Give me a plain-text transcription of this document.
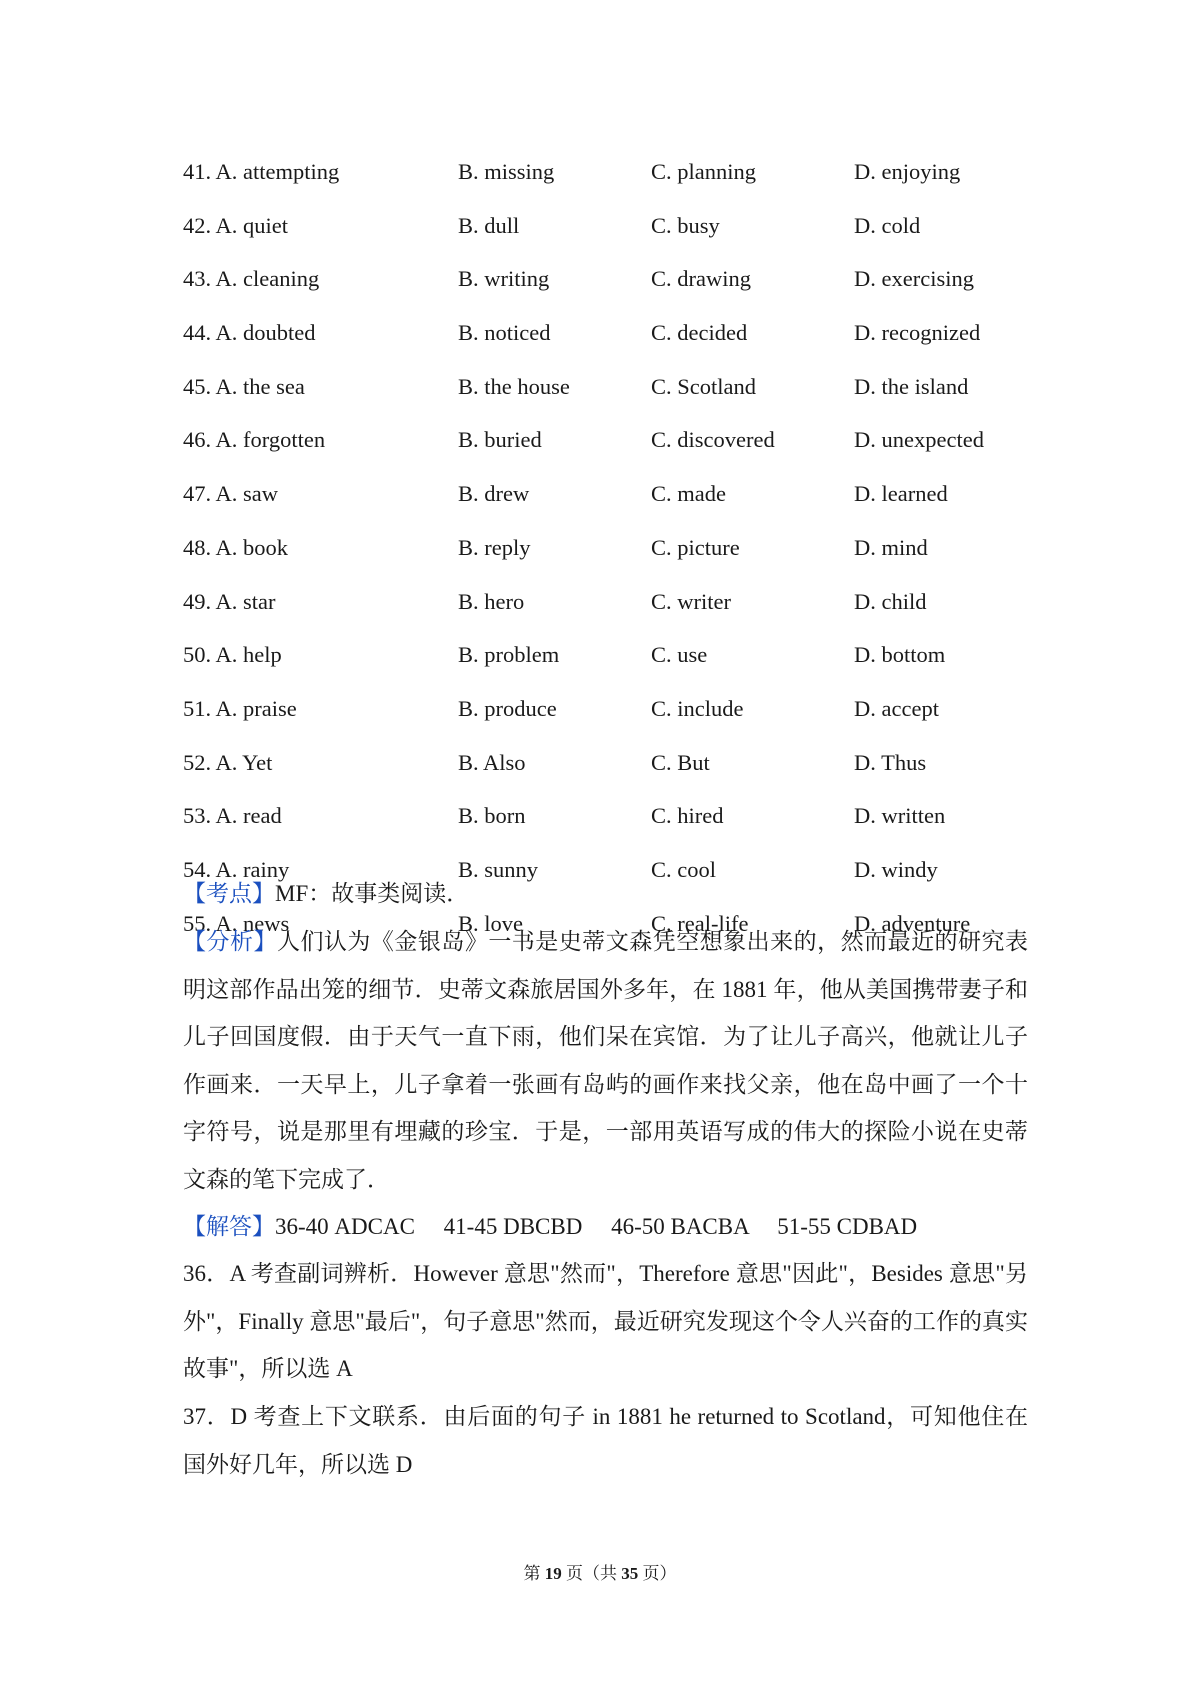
41. A. attempting	B. missing	C. planning	D. enjoying
42. A. quiet	B. dull	C. busy	D. cold
43. A. cleaning	B. writing	C. drawing	D. exercising
44. A. doubted	B. noticed	C. decided	D. recognized
45. A. the sea	B. the house	C. Scotland	D. the island
46. A. forgotten	B. buried	C. discovered	D. unexpected
47. A. saw	B. drew	C. made	D. learned
48. A. book	B. reply	C. picture	D. mind
49. A. star	B. hero	C. writer	D. child
50. A. help	B. problem	C. use	D. bottom
51. A. praise	B. produce	C. include	D. accept
52. A. Yet	B. Also	C. But	D. Thus
53. A. read	B. born	C. hired	D. written
54. A. rainy	B. sunny	C. cool	D. windy
55. A. news	B. love	C. real-life	D. adventure

【考点】MF：故事类阅读．

【分析】人们认为《金银岛》一书是史蒂文森凭空想象出来的，然而最近的研究表明这部作品出笼的细节．史蒂文森旅居国外多年，在 1881 年，他从美国携带妻子和儿子回国度假．由于天气一直下雨，他们呆在宾馆．为了让儿子高兴，他就让儿子作画来．一天早上，儿子拿着一张画有岛屿的画作来找父亲，他在岛中画了一个十字符号，说是那里有埋藏的珍宝．于是，一部用英语写成的伟大的探险小说在史蒂文森的笔下完成了．

【解答】36-40 ADCAC     41-45 DBCBD     46-50 BACBA     51-55 CDBAD

36．A 考查副词辨析．However 意思"然而"，Therefore 意思"因此"，Besides 意思"另外"，Finally 意思"最后"，句子意思"然而，最近研究发现这个令人兴奋的工作的真实故事"，所以选 A

37．D 考查上下文联系．由后面的句子 in 1881 he returned to Scotland，可知他住在国外好几年，所以选 D

第 19 页（共 35 页）
